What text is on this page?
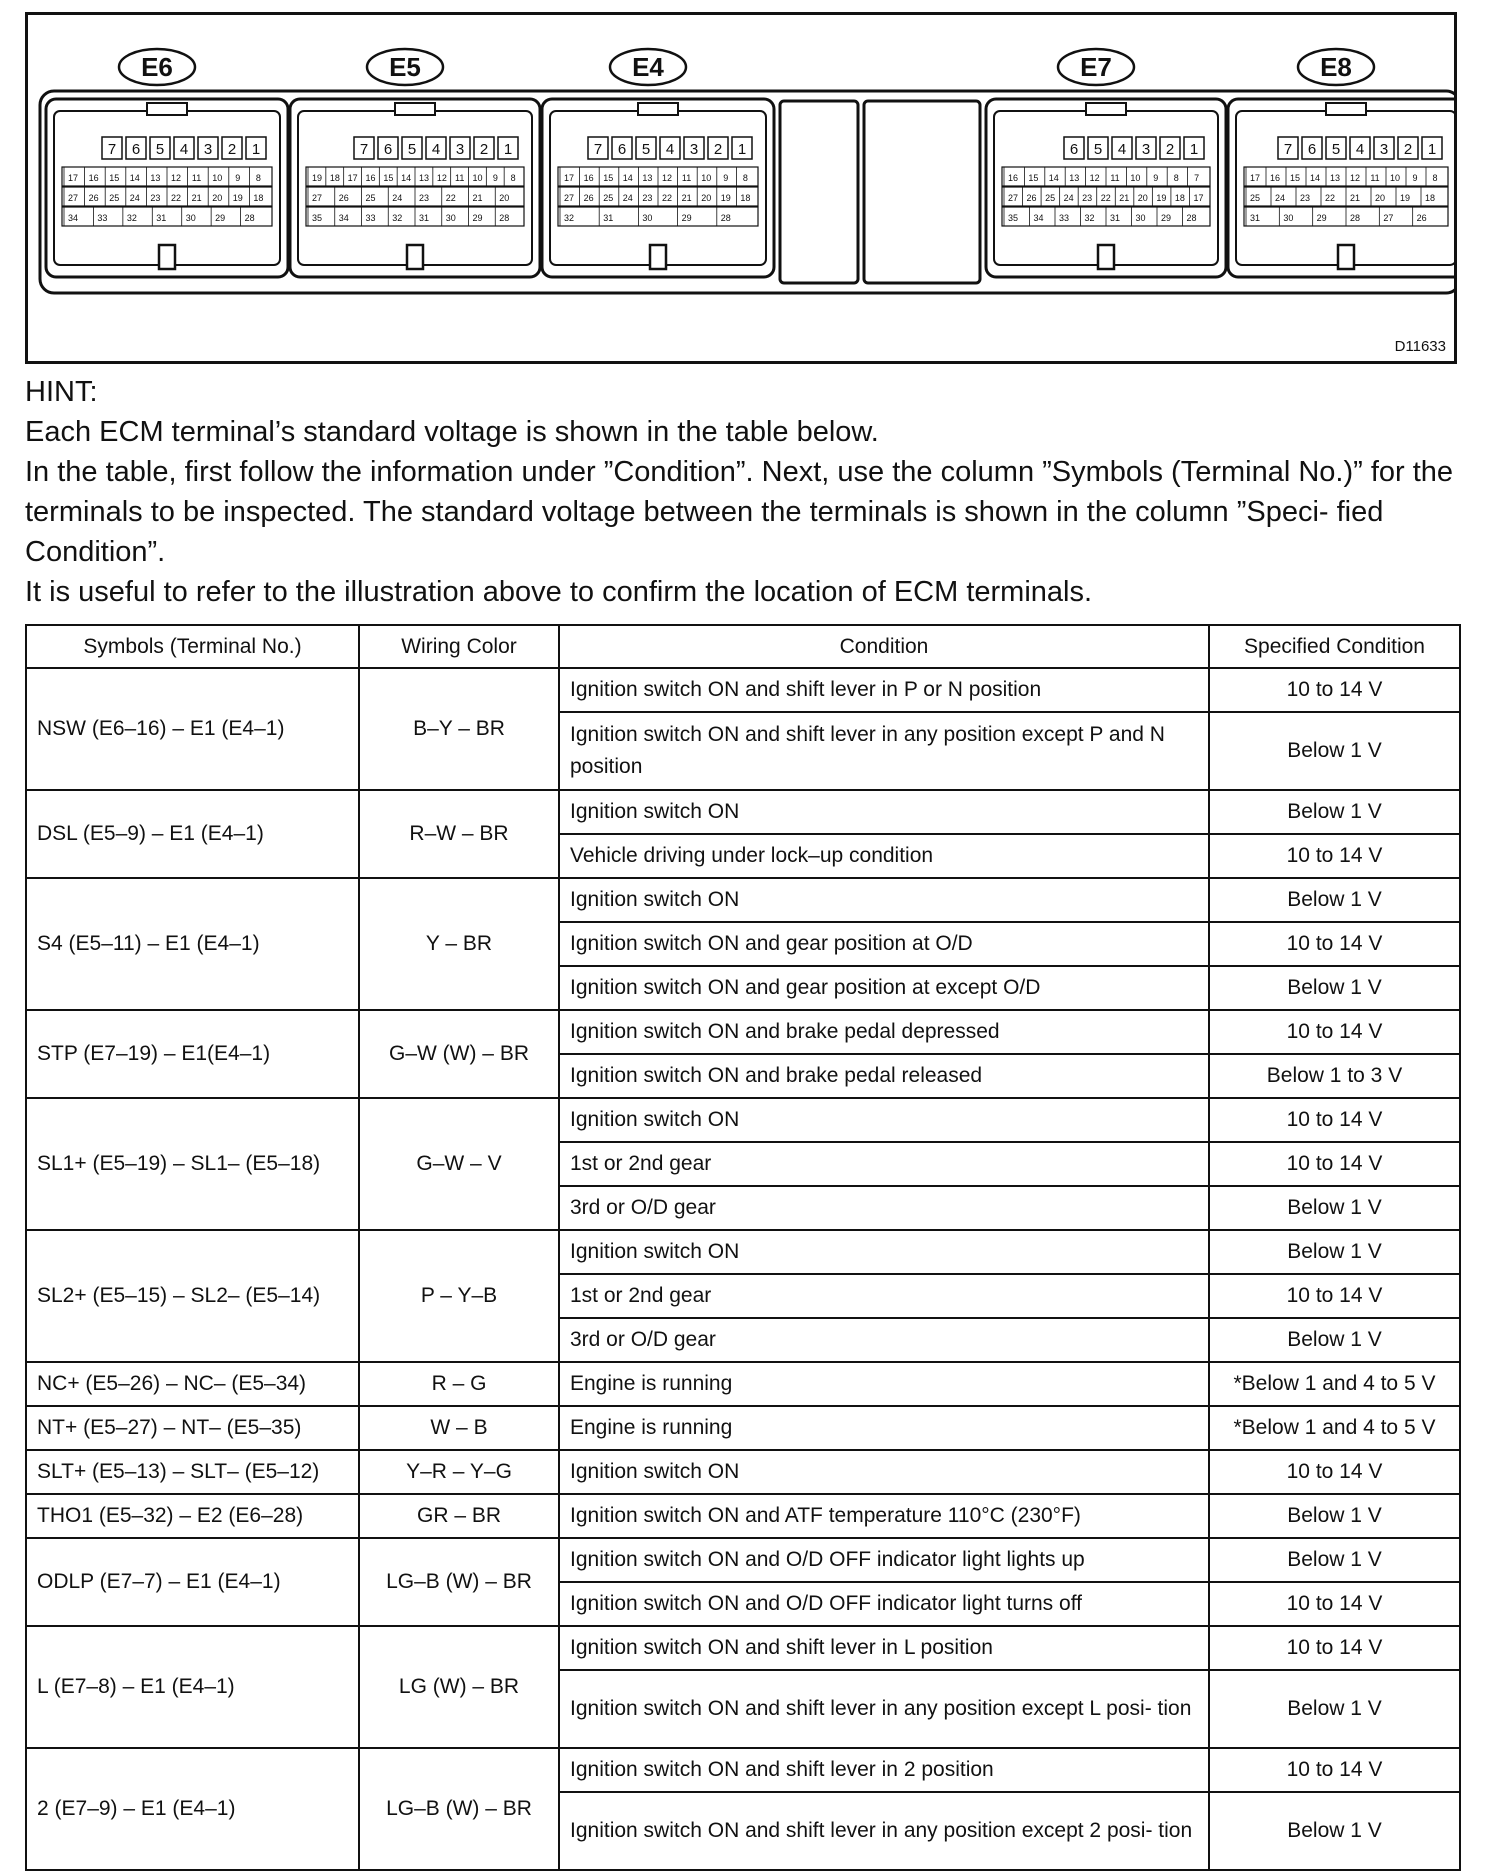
E6
7 6 5 4 3 2 1
17 16 15 14 13 12 11 10 9 8
27 26 25 24 23 22 21 20 19 18
34 33 32 31 30 29 28
E5
7 6 5 4 3 2 1
19 18 17 16 15 14 13 12 11 10 9 8
27 26 25 24 23 22 21 20
35 34 33 32 31 30 29 28
E4
7 6 5 4 3 2 1
17 16 15 14 13 12 11 10 9 8
27 26 25 24 23 22 21 20 19 18
32	31	30	29	28
E7
6 5 4 3 2 1
16 15 14 13 12 11 10 9 8 7
27 26 25 24 23 22 21 20 19 18 17
35 34 33 32 31 30 29 28
E8
7 6 5 4 3 2 1
17 16 15 14 13 12 11 10 9 8
25 24 23 22 21 20 19 18
31	30	29	28	27	26
D11633

HINT:

Each ECM terminal’s standard voltage is shown in the table below.

In the table, first follow the information under ”Condition”. Next, use the column ”Symbols (Terminal No.)” for the terminals to be inspected. The standard voltage between the terminals is shown in the column ”Speci- fied Condition”.

It is useful to refer to the illustration above to confirm the location of ECM terminals.

Symbols (Terminal No.)	Wiring Color	Condition	Specified Condition
NSW (E6–16) – E1 (E4–1)	B–Y – BR	Ignition switch ON and shift lever in P or N position	10 to 14 V
		Ignition switch ON and shift lever in any position except P and N position	Below 1 V
DSL (E5–9) – E1 (E4–1)	R–W – BR	Ignition switch ON	Below 1 V
		Vehicle driving under lock–up condition	10 to 14 V
S4 (E5–11) – E1 (E4–1)	Y – BR	Ignition switch ON	Below 1 V
		Ignition switch ON and gear position at O/D	10 to 14 V
		Ignition switch ON and gear position at except O/D	Below 1 V
STP (E7–19) – E1(E4–1)	G–W (W) – BR	Ignition switch ON and brake pedal depressed	10 to 14 V
		Ignition switch ON and brake pedal released	Below 1 to 3 V
SL1+ (E5–19) – SL1– (E5–18)	G–W – V	Ignition switch ON	10 to 14 V
		1st or 2nd gear	10 to 14 V
		3rd or O/D gear	Below 1 V
SL2+ (E5–15) – SL2– (E5–14)	P – Y–B	Ignition switch ON	Below 1 V
		1st or 2nd gear	10 to 14 V
		3rd or O/D gear	Below 1 V
NC+ (E5–26) – NC– (E5–34)	R – G	Engine is running	*Below 1 and 4 to 5 V
NT+ (E5–27) – NT– (E5–35)	W – B	Engine is running	*Below 1 and 4 to 5 V
SLT+ (E5–13) – SLT– (E5–12)	Y–R – Y–G	Ignition switch ON	10 to 14 V
THO1 (E5–32) – E2 (E6–28)	GR – BR	Ignition switch ON and ATF temperature 110°C (230°F)	Below 1 V
ODLP (E7–7) – E1 (E4–1)	LG–B (W) – BR	Ignition switch ON and O/D OFF indicator light lights up	Below 1 V
		Ignition switch ON and O/D OFF indicator light turns off	10 to 14 V
L (E7–8) – E1 (E4–1)	LG (W) – BR	Ignition switch ON and shift lever in L position	10 to 14 V
		Ignition switch ON and shift lever in any position except L posi- tion	Below 1 V
2 (E7–9) – E1 (E4–1)	LG–B (W) – BR	Ignition switch ON and shift lever in 2 position	10 to 14 V
		Ignition switch ON and shift lever in any position except 2 posi- tion	Below 1 V
